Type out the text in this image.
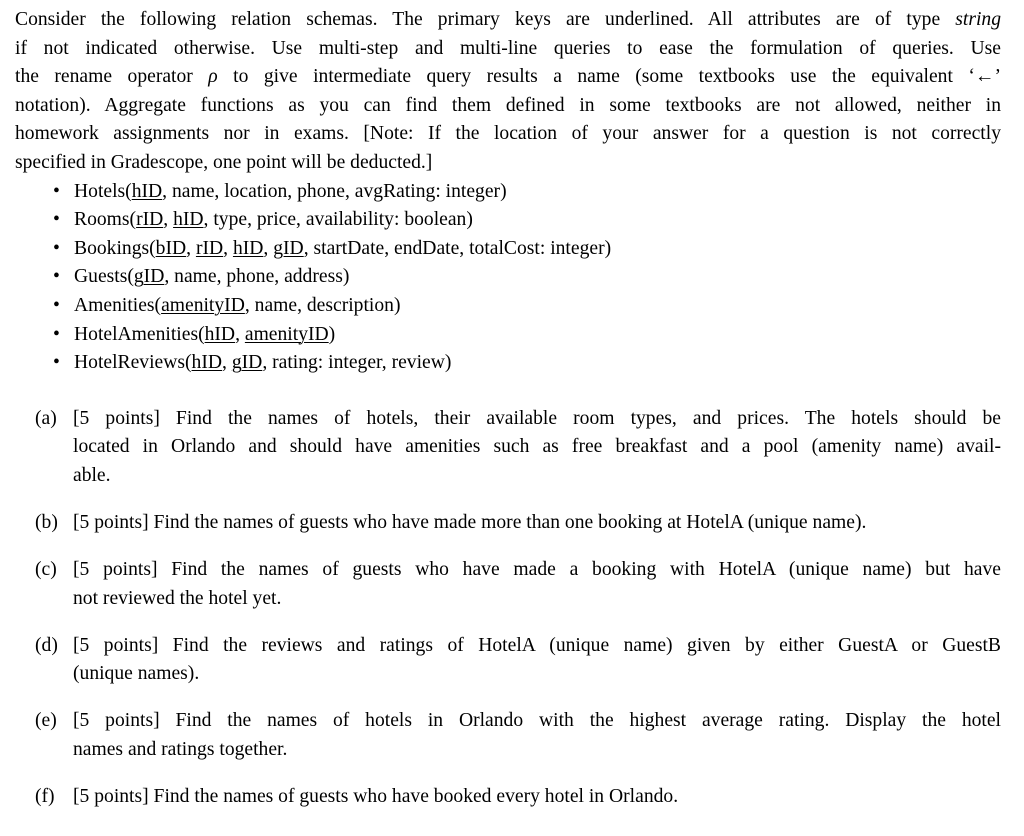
Consider the following relation schemas. The primary keys are underlined. All attributes are of type string
if not indicated otherwise. Use multi-step and multi-line queries to ease the formulation of queries. Use
the rename operator ρ to give intermediate query results a name (some textbooks use the equivalent ‘←’
notation). Aggregate functions as you can find them defined in some textbooks are not allowed, neither in
homework assignments nor in exams. [Note: If the location of your answer for a question is not correctly
specified in Gradescope, one point will be deducted.]
• Hotels(hID, name, location, phone, avgRating: integer)
• Rooms(rID, hID, type, price, availability: boolean)
• Bookings(bID, rID, hID, gID, startDate, endDate, totalCost: integer)
• Guests(gID, name, phone, address)
• Amenities(amenityID, name, description)
• HotelAmenities(hID, amenityID)
• HotelReviews(hID, gID, rating: integer, review)
(a) [5 points] Find the names of hotels, their available room types, and prices. The hotels should be
located in Orlando and should have amenities such as free breakfast and a pool (amenity name) avail-
able.
(b) [5 points] Find the names of guests who have made more than one booking at HotelA (unique name).
(c) [5 points] Find the names of guests who have made a booking with HotelA (unique name) but have
not reviewed the hotel yet.
(d) [5 points] Find the reviews and ratings of HotelA (unique name) given by either GuestA or GuestB
(unique names).
(e) [5 points] Find the names of hotels in Orlando with the highest average rating. Display the hotel
names and ratings together.
(f) [5 points] Find the names of guests who have booked every hotel in Orlando.
